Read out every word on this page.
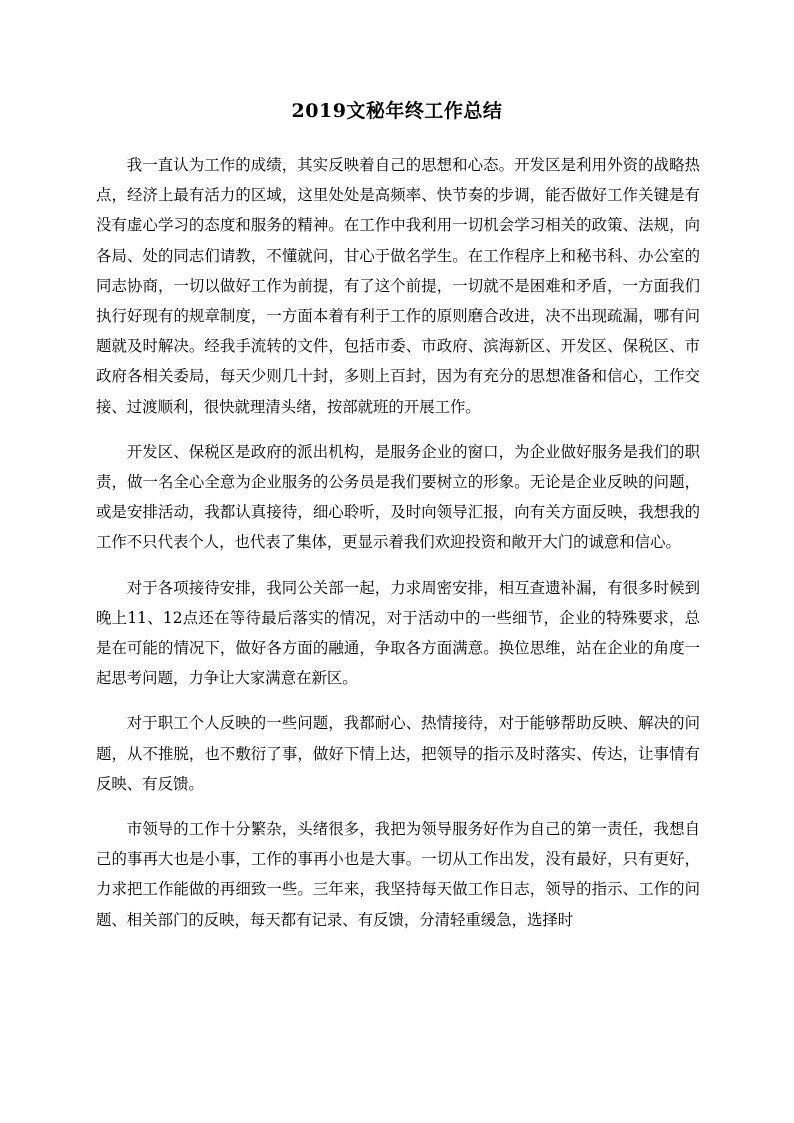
2019文秘年终工作总结

我一直认为工作的成绩，其实反映着自己的思想和心态。开发区是利用外资的战略热点，经济上最有活力的区域，这里处处是高频率、快节奏的步调，能否做好工作关键是有没有虚心学习的态度和服务的精神。在工作中我利用一切机会学习相关的政策、法规，向各局、处的同志们请教，不懂就问，甘心于做名学生。在工作程序上和秘书科、办公室的同志协商，一切以做好工作为前提，有了这个前提，一切就不是困难和矛盾，一方面我们执行好现有的规章制度，一方面本着有利于工作的原则磨合改进，决不出现疏漏，哪有问题就及时解决。经我手流转的文件，包括市委、市政府、滨海新区、开发区、保税区、市政府各相关委局，每天少则几十封，多则上百封，因为有充分的思想准备和信心，工作交接、过渡顺利，很快就理清头绪，按部就班的开展工作。

开发区、保税区是政府的派出机构，是服务企业的窗口，为企业做好服务是我们的职责，做一名全心全意为企业服务的公务员是我们要树立的形象。无论是企业反映的问题，或是安排活动，我都认真接待，细心聆听，及时向领导汇报，向有关方面反映，我想我的工作不只代表个人，也代表了集体，更显示着我们欢迎投资和敞开大门的诚意和信心。

对于各项接待安排，我同公关部一起，力求周密安排，相互查遗补漏，有很多时候到晚上11、12点还在等待最后落实的情况，对于活动中的一些细节，企业的特殊要求，总是在可能的情况下，做好各方面的融通，争取各方面满意。换位思维，站在企业的角度一起思考问题，力争让大家满意在新区。

对于职工个人反映的一些问题，我都耐心、热情接待，对于能够帮助反映、解决的问题，从不推脱，也不敷衍了事，做好下情上达，把领导的指示及时落实、传达，让事情有反映、有反馈。

市领导的工作十分繁杂，头绪很多，我把为领导服务好作为自己的第一责任，我想自己的事再大也是小事，工作的事再小也是大事。一切从工作出发，没有最好，只有更好，力求把工作能做的再细致一些。三年来，我坚持每天做工作日志，领导的指示、工作的问题、相关部门的反映，每天都有记录、有反馈，分清轻重缓急，选择时
